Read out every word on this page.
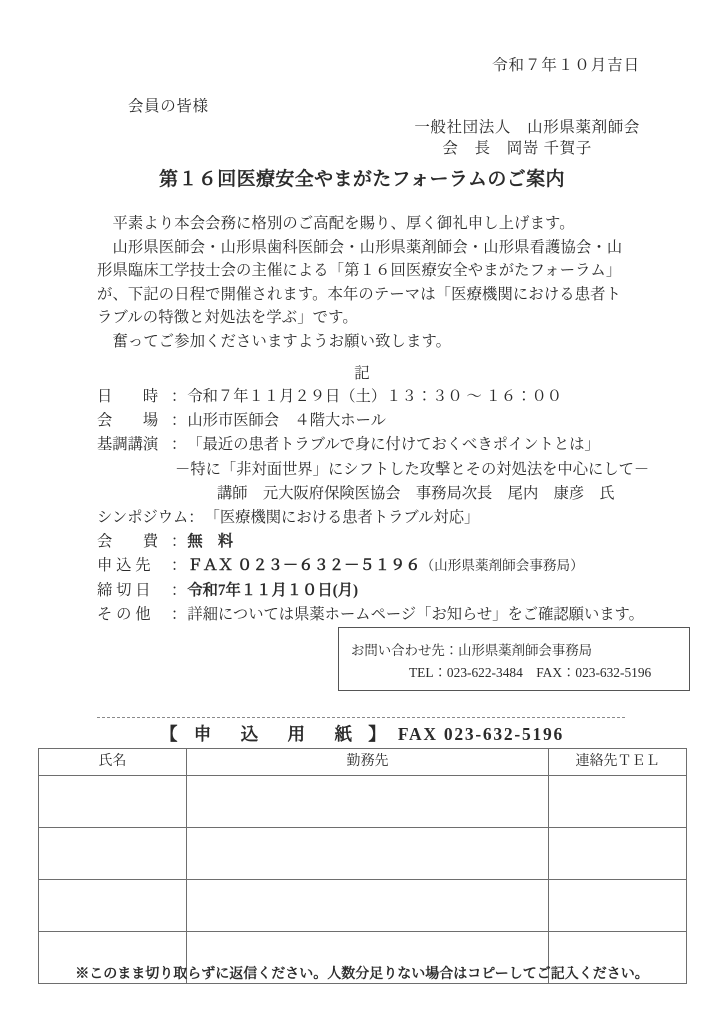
令和７年１０月吉日
会員の皆様
一般社団法人　山形県薬剤師会
会　長　岡嵜 千賀子
第１６回医療安全やまがたフォーラムのご案内

　平素より本会会務に格別のご高配を賜り、厚く御礼申し上げます。

　山形県医師会・山形県歯科医師会・山形県薬剤師会・山形県看護協会・山形県臨床工学技士会の主催による「第１６回医療安全やまがたフォーラム」が、下記の日程で開催されます。本年のテーマは「医療機関における患者トラブルの特徴と対処法を学ぶ」です。

　奮ってご参加くださいますようお願い致します。

記
日　　時 ： 令和７年１１月２９日（土）１３：３０ ～ １６：００
会　　場 ： 山形市医師会　４階大ホール
基調講演 ： 「最近の患者トラブルで身に付けておくべきポイントとは」
－特に「非対面世界」にシフトした攻撃とその対処法を中心にして－
講師　元大阪府保険医協会　事務局次長　尾内　康彦　氏
シンポジウム ： 「医療機関における患者トラブル対応」
会　　費 ： 無　料
申 込 先	： ＦＡＸ ０２３－６３２－５１９６（山形県薬剤師会事務局）
締 切 日	： 令和7年１１月１０日(月)
そ の 他	： 詳細については県薬ホームページ「お知らせ」をご確認願います。
お問い合わせ先：山形県薬剤師会事務局
TEL：023-622-3484　FAX：023-632-5196
【 申　込　用　紙 】 FAX 023-632-5196
氏名	勤務先	連絡先ＴＥＬ

※このまま切り取らずに返信ください。人数分足りない場合はコピーしてご記入ください。
